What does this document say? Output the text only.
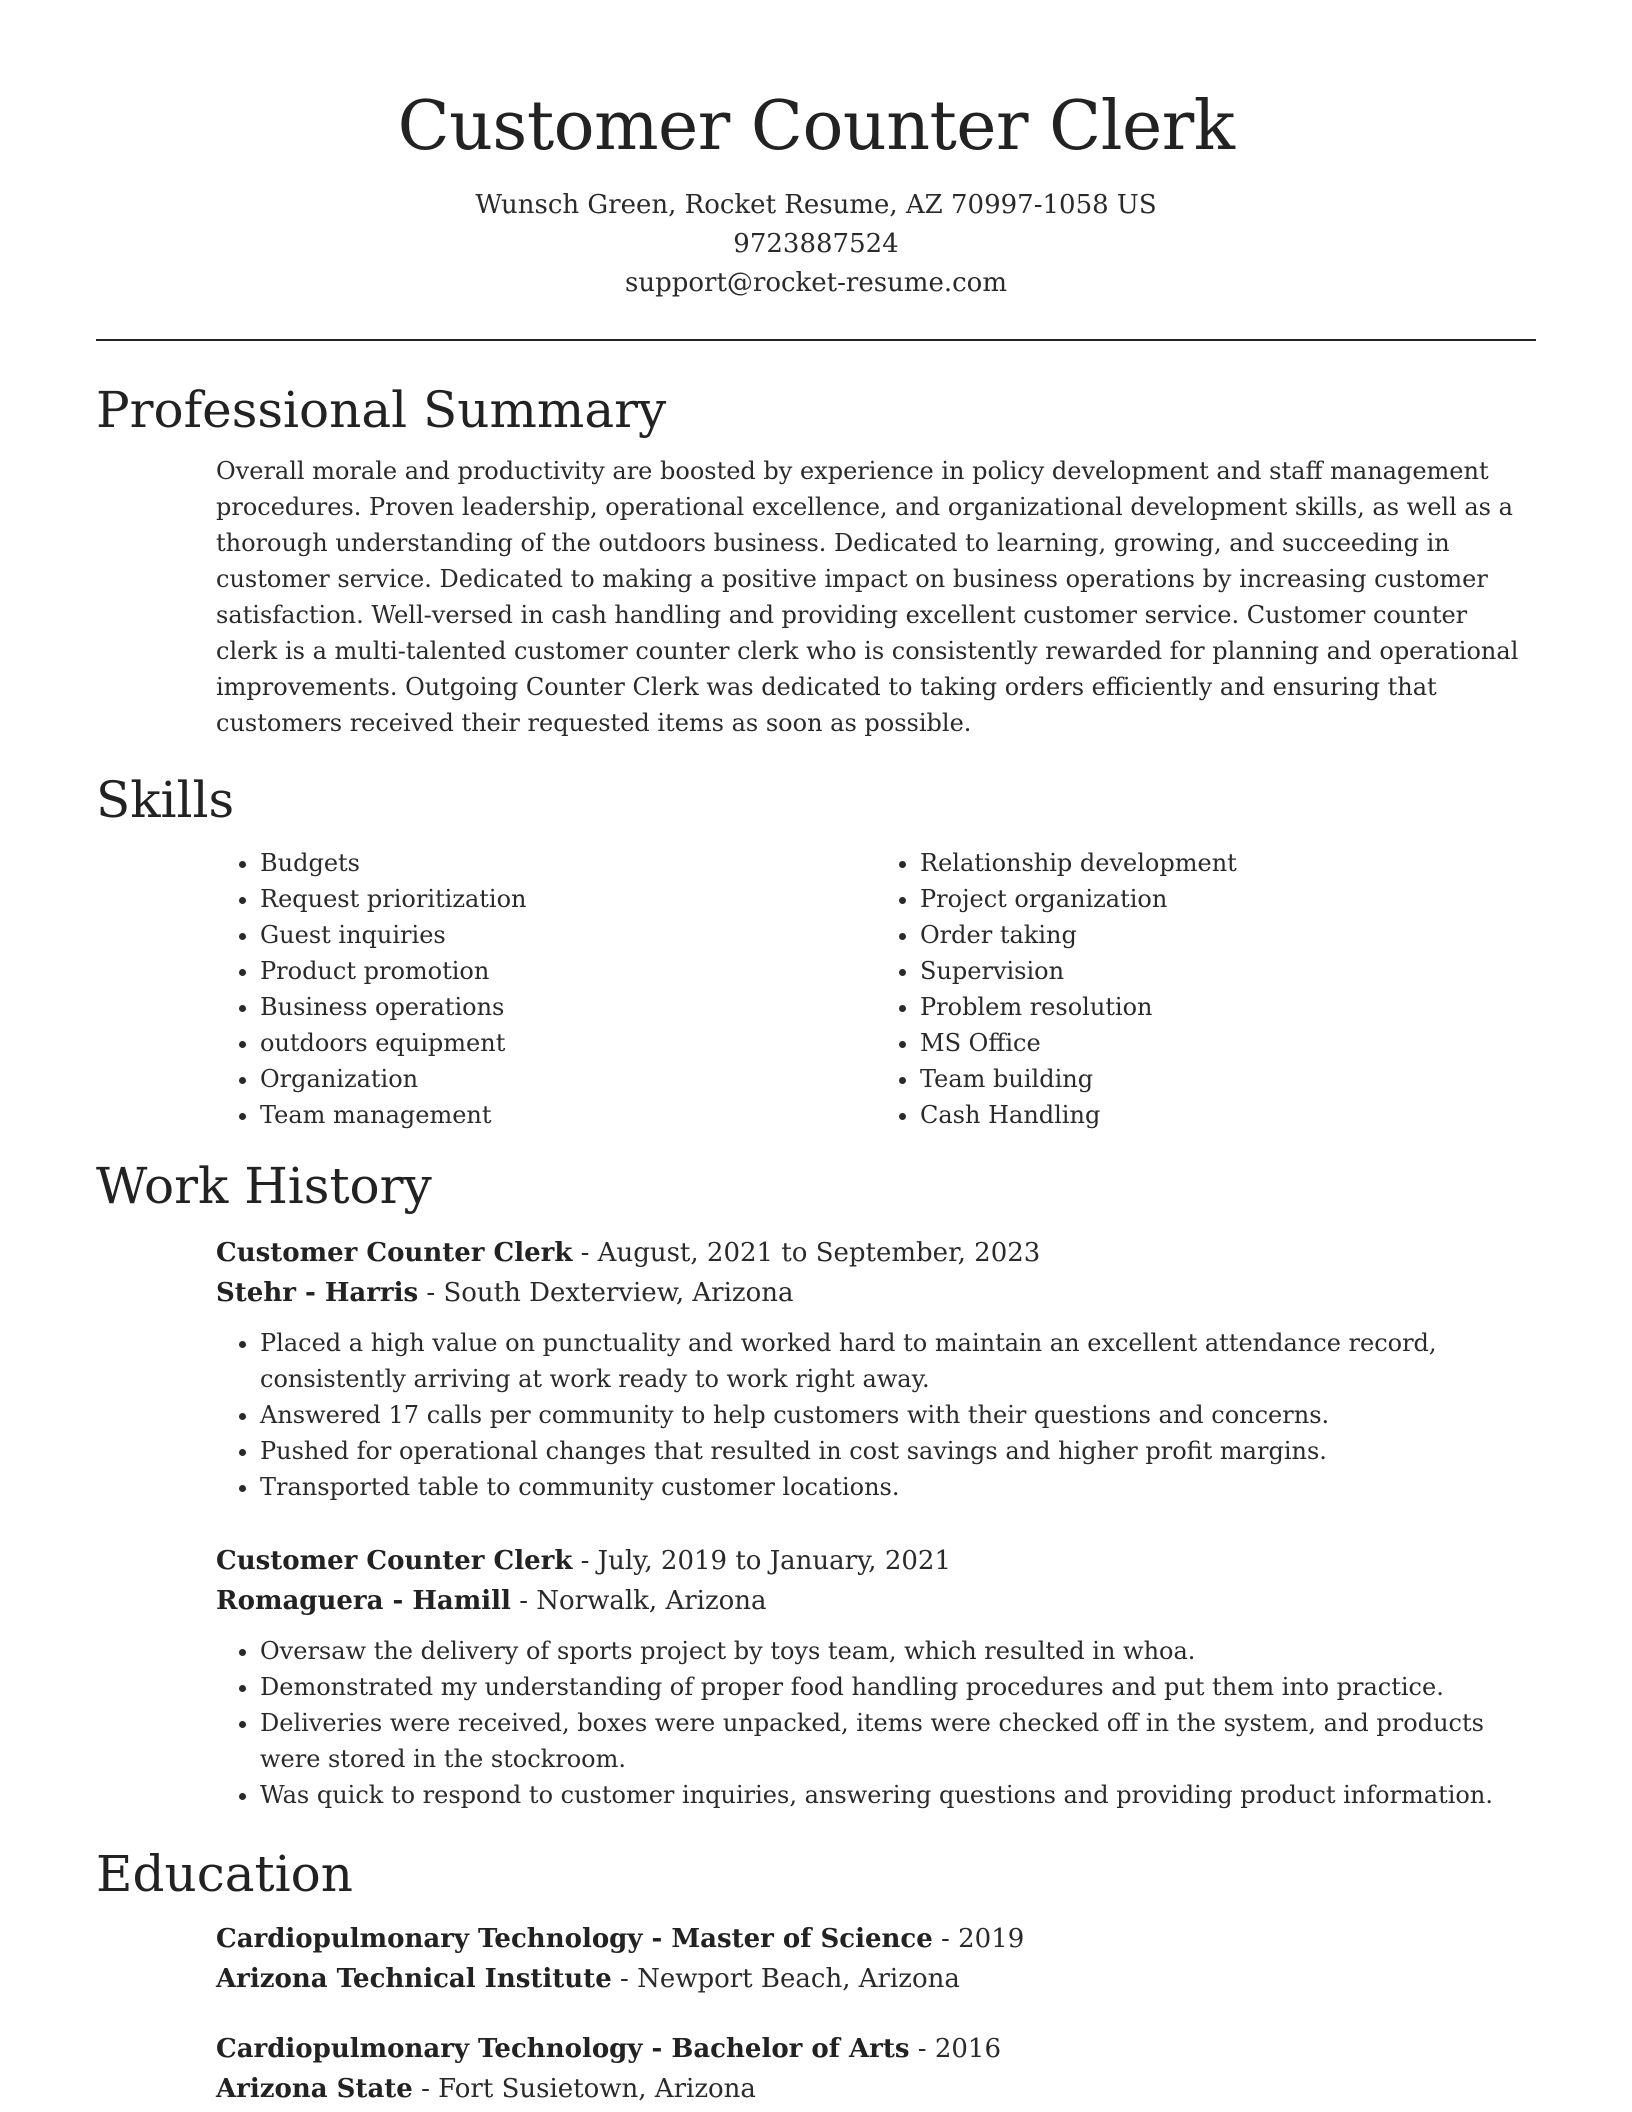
Customer Counter Clerk
Wunsch Green, Rocket Resume, AZ 70997-1058 US
9723887524
support@rocket-resume.com
Professional Summary

Overall morale and productivity are boosted by experience in policy development and staff management procedures. Proven leadership, operational excellence, and organizational development skills, as well as a thorough understanding of the outdoors business. Dedicated to learning, growing, and succeeding in customer service. Dedicated to making a positive impact on business operations by increasing customer satisfaction. Well-versed in cash handling and providing excellent customer service. Customer counter clerk is a multi-talented customer counter clerk who is consistently rewarded for planning and operational improvements. Outgoing Counter Clerk was dedicated to taking orders efficiently and ensuring that customers received their requested items as soon as possible.

Skills
• Budgets
• Request prioritization
• Guest inquiries
• Product promotion
• Business operations
• outdoors equipment
• Organization
• Team management
• Relationship development
• Project organization
• Order taking
• Supervision
• Problem resolution
• MS Office
• Team building
• Cash Handling
Work History
Customer Counter Clerk - August, 2021 to September, 2023
Stehr - Harris - South Dexterview, Arizona
• Placed a high value on punctuality and worked hard to maintain an excellent attendance record, consistently arriving at work ready to work right away.
• Answered 17 calls per community to help customers with their questions and concerns.
• Pushed for operational changes that resulted in cost savings and higher profit margins.
• Transported table to community customer locations.
Customer Counter Clerk - July, 2019 to January, 2021
Romaguera - Hamill - Norwalk, Arizona
• Oversaw the delivery of sports project by toys team, which resulted in whoa.
• Demonstrated my understanding of proper food handling procedures and put them into practice.
• Deliveries were received, boxes were unpacked, items were checked off in the system, and products were stored in the stockroom.
• Was quick to respond to customer inquiries, answering questions and providing product information.
Education
Cardiopulmonary Technology - Master of Science - 2019
Arizona Technical Institute - Newport Beach, Arizona
Cardiopulmonary Technology - Bachelor of Arts - 2016
Arizona State - Fort Susietown, Arizona
